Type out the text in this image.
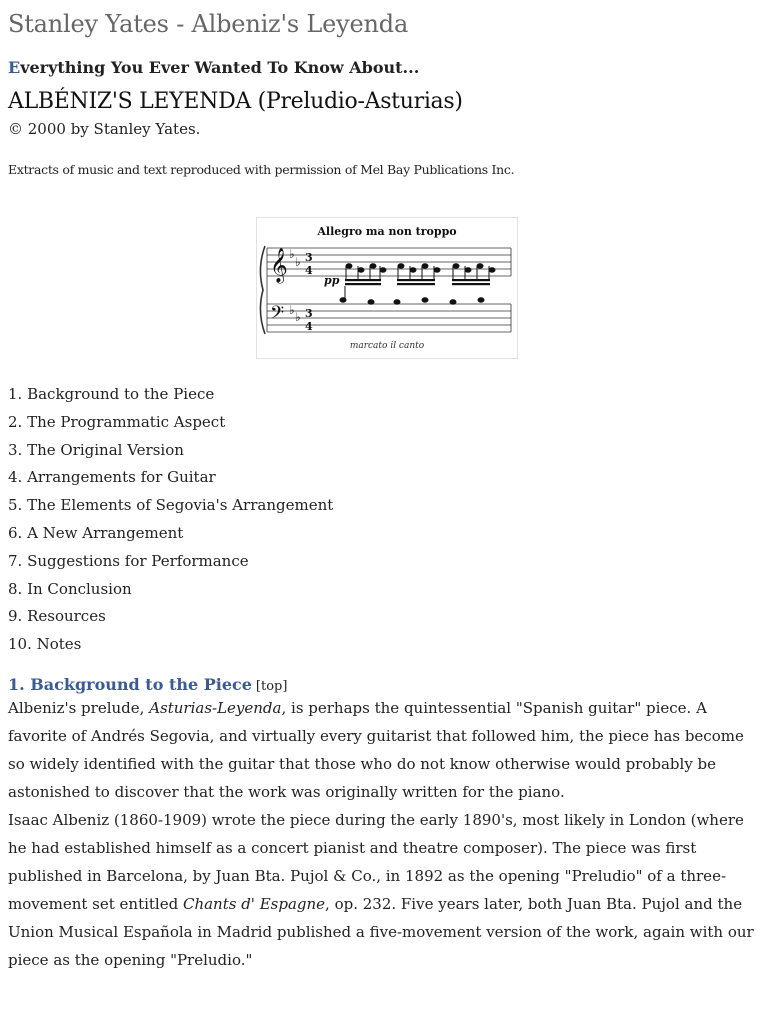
Stanley Yates - Albeniz's Leyenda
Everything You Ever Wanted To Know About...
ALBÉNIZ'S LEYENDA (Preludio-Asturias)
© 2000 by Stanley Yates.
Extracts of music and text reproduced with permission of Mel Bay Publications Inc.
Allegro ma non troppo
𝄞
𝄢
♭
♭
♭ ♭
3
4
3
4
pp
marcato il canto
1. Background to the Piece
2. The Programmatic Aspect
3. The Original Version
4. Arrangements for Guitar
5. The Elements of Segovia's Arrangement
6. A New Arrangement
7. Suggestions for Performance
8. In Conclusion
9. Resources
10. Notes
1. Background to the Piece [top]

Albeniz's prelude, Asturias-Leyenda, is perhaps the quintessential "Spanish guitar" piece. A favorite of Andrés Segovia, and virtually every guitarist that followed him, the piece has become so widely identified with the guitar that those who do not know otherwise would probably be astonished to discover that the work was originally written for the piano.

Isaac Albeniz (1860-1909) wrote the piece during the early 1890's, most likely in London (where he had established himself as a concert pianist and theatre composer). The piece was first published in Barcelona, by Juan Bta. Pujol & Co., in 1892 as the opening "Preludio" of a three-movement set entitled Chants d' Espagne, op. 232. Five years later, both Juan Bta. Pujol and the Union Musical Española in Madrid published a five-movement version of the work, again with our piece as the opening "Preludio."
